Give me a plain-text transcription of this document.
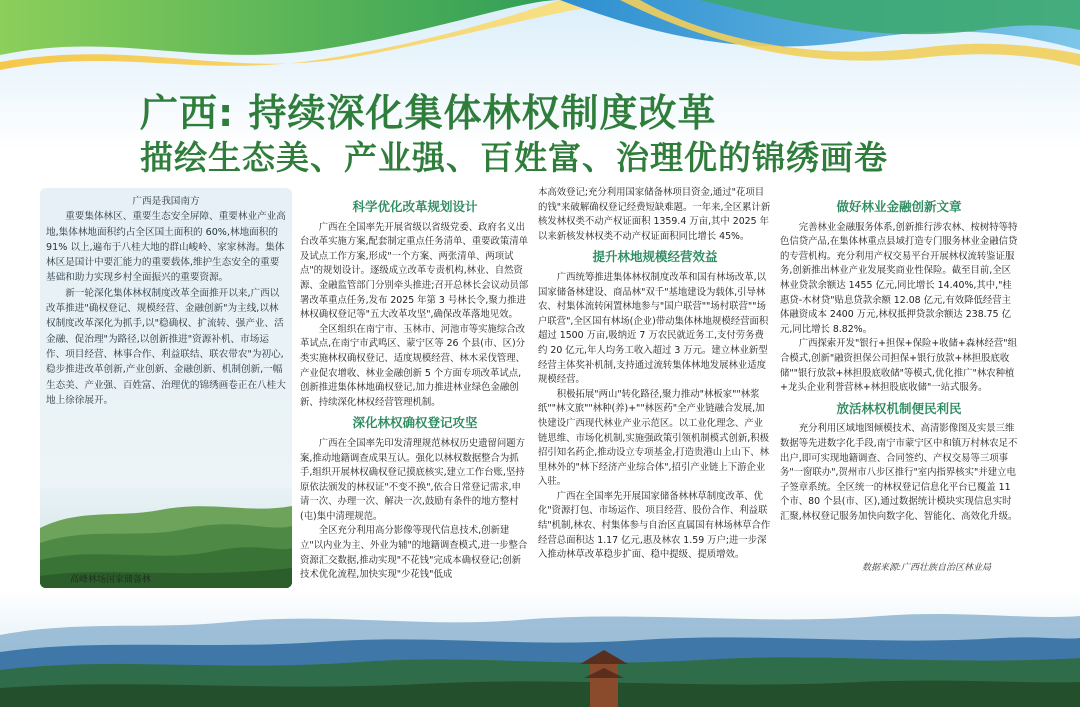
广西: 持续深化集体林权制度改革
描绘生态美、产业强、百姓富、治理优的锦绣画卷

广西是我国南方

重要集体林区、重要生态安全屏障、重要林业产业高地,集体林地面积约占全区国土面积的 60%,林地面积的 91% 以上,遍布于八桂大地的群山峻岭、家家林海。集体林区是国计中要汇能力的重要载体,维护生态安全的重要基础和助力实现乡村全面振兴的重要资源。

新一轮深化集体林权制度改革全面推开以来,广西以改革推进"确权登记、规模经营、金融创新"为主线,以林权制度改革深化为抓手,以"稳确权、扩流转、强产业、活金融、促治理"为路径,以创新推进"资源补机、市场运作、项目经营、林事合作、利益联结、联农带农"为初心,稳步推进改革创新,产业创新、金融创新、机制创新,一幅生态美、产业强、百姓富、治理优的锦绣画卷正在八桂大地上徐徐展开。

高峰林场国家储备林
科学优化改革规划设计

广西在全国率先开展省级以省级党委、政府名义出台改革实施方案,配套制定重点任务清单、重要政策清单及试点工作方案,形成"一个方案、两张清单、两项试点"的规划设计。逐级成立改革专责机构,林业、自然资源、金融监管部门分别牵头推进;召开总林长会议动员部署改革重点任务,发布 2025 年第 3 号林长令,聚力推进林权确权登记等"五大改革攻坚",确保改革落地见效。

全区组织在南宁市、玉林市、河池市等实施综合改革试点,在南宁市武鸣区、蒙宁区等 26 个县(市、区)分类实施林权确权登记、适度规模经营、林木采伐管理、产业促农增收、林业金融创新 5 个方面专项改革试点,创新推进集体林地确权登记,加力推进林业绿色金融创新、持续深化林权经营管理机制。

深化林权确权登记攻坚

广西在全国率先印发清理规范林权历史遗留问题方案,推动地籍调查成果互认。强化以林权数据整合为抓手,组织开展林权确权登记摸底核实,建立工作台账,坚持原依法颁发的林权证"不变不换",依合日常登记需求,申请一次、办理一次、解决一次,鼓励有条件的地方整村(屯)集中清理规范。

全区充分利用高分影像等现代信息技术,创新建立"以内业为主、外业为辅"的地籍调查模式,进一步整合资源汇交数据,推动实现"不花钱"完成本确权登记;创新技术优化流程,加快实现"少花钱"低成

本高效登记;充分利用国家储备林项目资金,通过"花项目的钱"来破解确权登记经费短缺难题。一年来,全区累计新核发林权类不动产权证面积 1359.4 万亩,其中 2025 年以来新核发林权类不动产权证面积同比增长 45%。

提升林地规模经营效益

广西统筹推进集体林权制度改革和国有林场改革,以国家储备林建设、商品林"双千"基地建设为载体,引导林农、村集体流转闲置林地参与"国户联营""场村联营""场户联营",全区国有林场(企业)带动集体林地规模经营面积超过 1500 万亩,吸纳近 7 万农民就近务工,支付劳务费约 20 亿元,年人均务工收入超过 3 万元。建立林业新型经营主体奖补机制,支持通过流转集体林地发展林业适度规模经营。

积极拓展"两山"转化路径,聚力推动"林板家""林浆纸""林文旅""林种(养)+""林医药"全产业链融合发展,加快建设广西现代林业产业示范区。以工业化理念、产业链思维、市场化机制,实施强政策引领机制模式创新,积极招引知名药企,推动设立专项基金,打造贵港山上山下、林里林外的"林下经济产业综合体",招引产业链上下游企业入驻。

广西在全国率先开展国家储备林林草制度改革、优化"资源打包、市场运作、项目经营、股份合作、利益联结"机制,林农、村集体参与自治区直属国有林场林草合作经营总面积达 1.17 亿元,惠及林农 1.59 万户;进一步深入推动林草改革稳步扩面、稳中提级、提质增效。

做好林业金融创新文章

完善林业金融服务体系,创新推行涉农林、桉树特等特色信贷产品,在集体林重点县域打造专门服务林业金融信贷的专营机构。充分利用产权交易平台开展林权流转鉴证服务,创新推出林业产业发展奖商业性保险。截至目前,全区林业贷款余额达 1455 亿元,同比增长 14.40%,其中,"桂惠贷-木材贷"贴息贷款余额 12.08 亿元,有效降低经营主体融资成本 2400 万元,林权抵押贷款余额达 238.75 亿元,同比增长 8.82%。

广西探索开发"银行+担保+保险+收储+森林经营"组合模式,创新"融资担保公司担保+银行放款+林担股底收储""银行放款+林担股底收储"等模式,优化推广"林农种植+龙头企业利誉营林+林担股底收储"一站式服务。

放活林权机制便民利民

充分利用区域地图倾模技术、高清影像图及实景三维数据等先进数字化手段,南宁市蒙宁区中和镇万村林农足不出户,即可实现地籍调查、合同签约、产权交易等三项事务"一窗联办",贺州市八步区推行"室内指界核实"并建立电子签章系统。全区统一的林权登记信息化平台已覆盖 11 个市、80 个县(市、区),通过数据统计模块实现信息实时汇聚,林权登记服务加快向数字化、智能化、高效化升级。

数据来源:广西壮族自治区林业局
